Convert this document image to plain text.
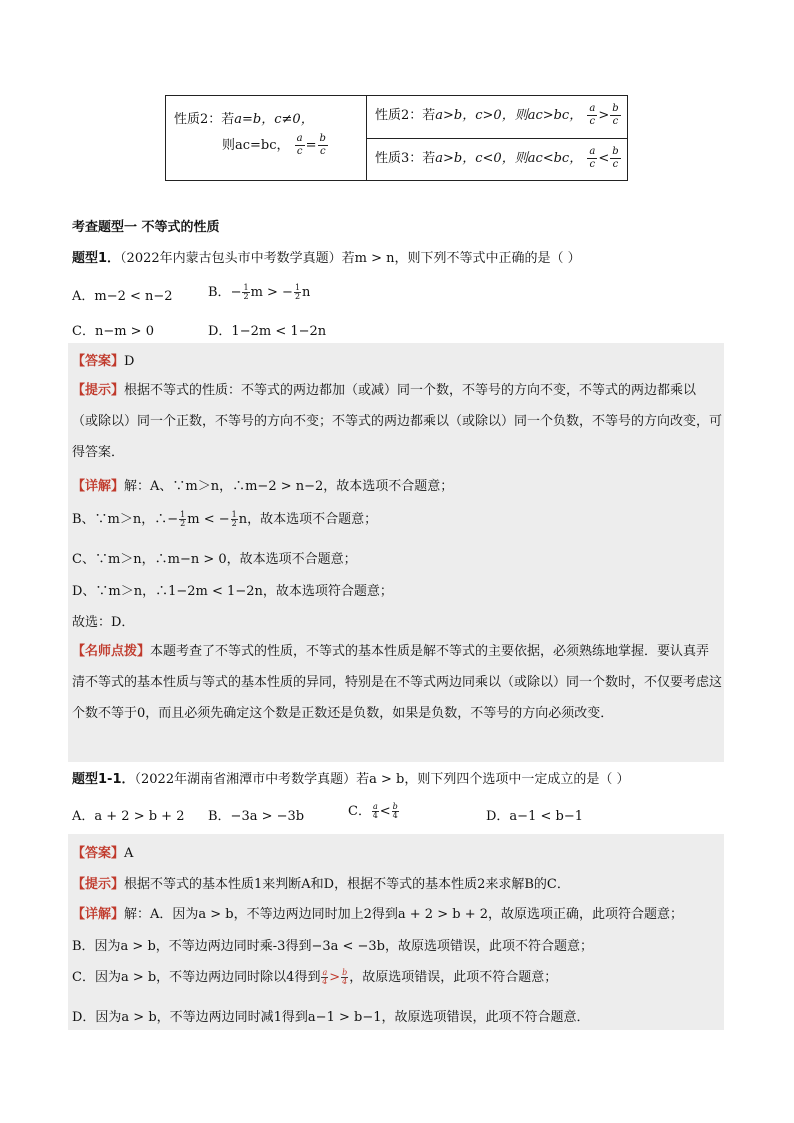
性质2：若a=b，c≠0，
则ac=bc， $\frac{a}{c} = \frac{b}{c}$
性质2：若a>b，c>0，则ac>bc， $\frac{a}{c} > \frac{b}{c}$
性质3：若a>b，c<0，则ac<bc， $\frac{a}{c} < \frac{b}{c}$
考查题型一 不等式的性质
题型1．（2022年内蒙古包头市中考数学真题）若m > n，则下列不等式中正确的是（ ）
A．m−2 < n−2	B．− $\frac{1}{2}$ m > − $\frac{1}{2}$ n
C．n−m > 0	D．1−2m < 1−2n
【答案】D
【提示】根据不等式的性质：不等式的两边都加（或减）同一个数，不等号的方向不变，不等式的两边都乘以（或除以）同一个正数，不等号的方向不变；不等式的两边都乘以（或除以）同一个负数，不等号的方向改变，可得答案．
【详解】解：A、∵m＞n，∴m−2 > n−2，故本选项不合题意；
B、∵m＞n，∴− $\frac{1}{2}$ m < − $\frac{1}{2}$ n，故本选项不合题意；
C、∵m＞n，∴m−n > 0，故本选项不合题意；
D、∵m＞n，∴1−2m < 1−2n，故本选项符合题意；
故选：D．
【名师点拨】本题考查了不等式的性质，不等式的基本性质是解不等式的主要依据，必须熟练地掌握．要认真弄清不等式的基本性质与等式的基本性质的异同，特别是在不等式两边同乘以（或除以）同一个数时，不仅要考虑这个数不等于0，而且必须先确定这个数是正数还是负数，如果是负数，不等号的方向必须改变．
题型1-1．（2022年湖南省湘潭市中考数学真题）若a > b，则下列四个选项中一定成立的是（ ）
A．a + 2 > b + 2 B．−3a > −3b	C． $\frac{a}{4} < \frac{b}{4}$	D．a−1 < b−1
【答案】A
【提示】根据不等式的基本性质1来判断A和D，根据不等式的基本性质2来求解B的C．
【详解】解：A．因为a > b，不等边两边同时加上2得到a + 2 > b + 2，故原选项正确，此项符合题意；
B．因为a > b，不等边两边同时乘-3得到−3a < −3b，故原选项错误，此项不符合题意；
C．因为a > b，不等边两边同时除以4得到 $\frac{a}{4} > \frac{b}{4}$ ，故原选项错误，此项不符合题意；
D．因为a > b，不等边两边同时减1得到a−1 > b−1，故原选项错误，此项不符合题意．
